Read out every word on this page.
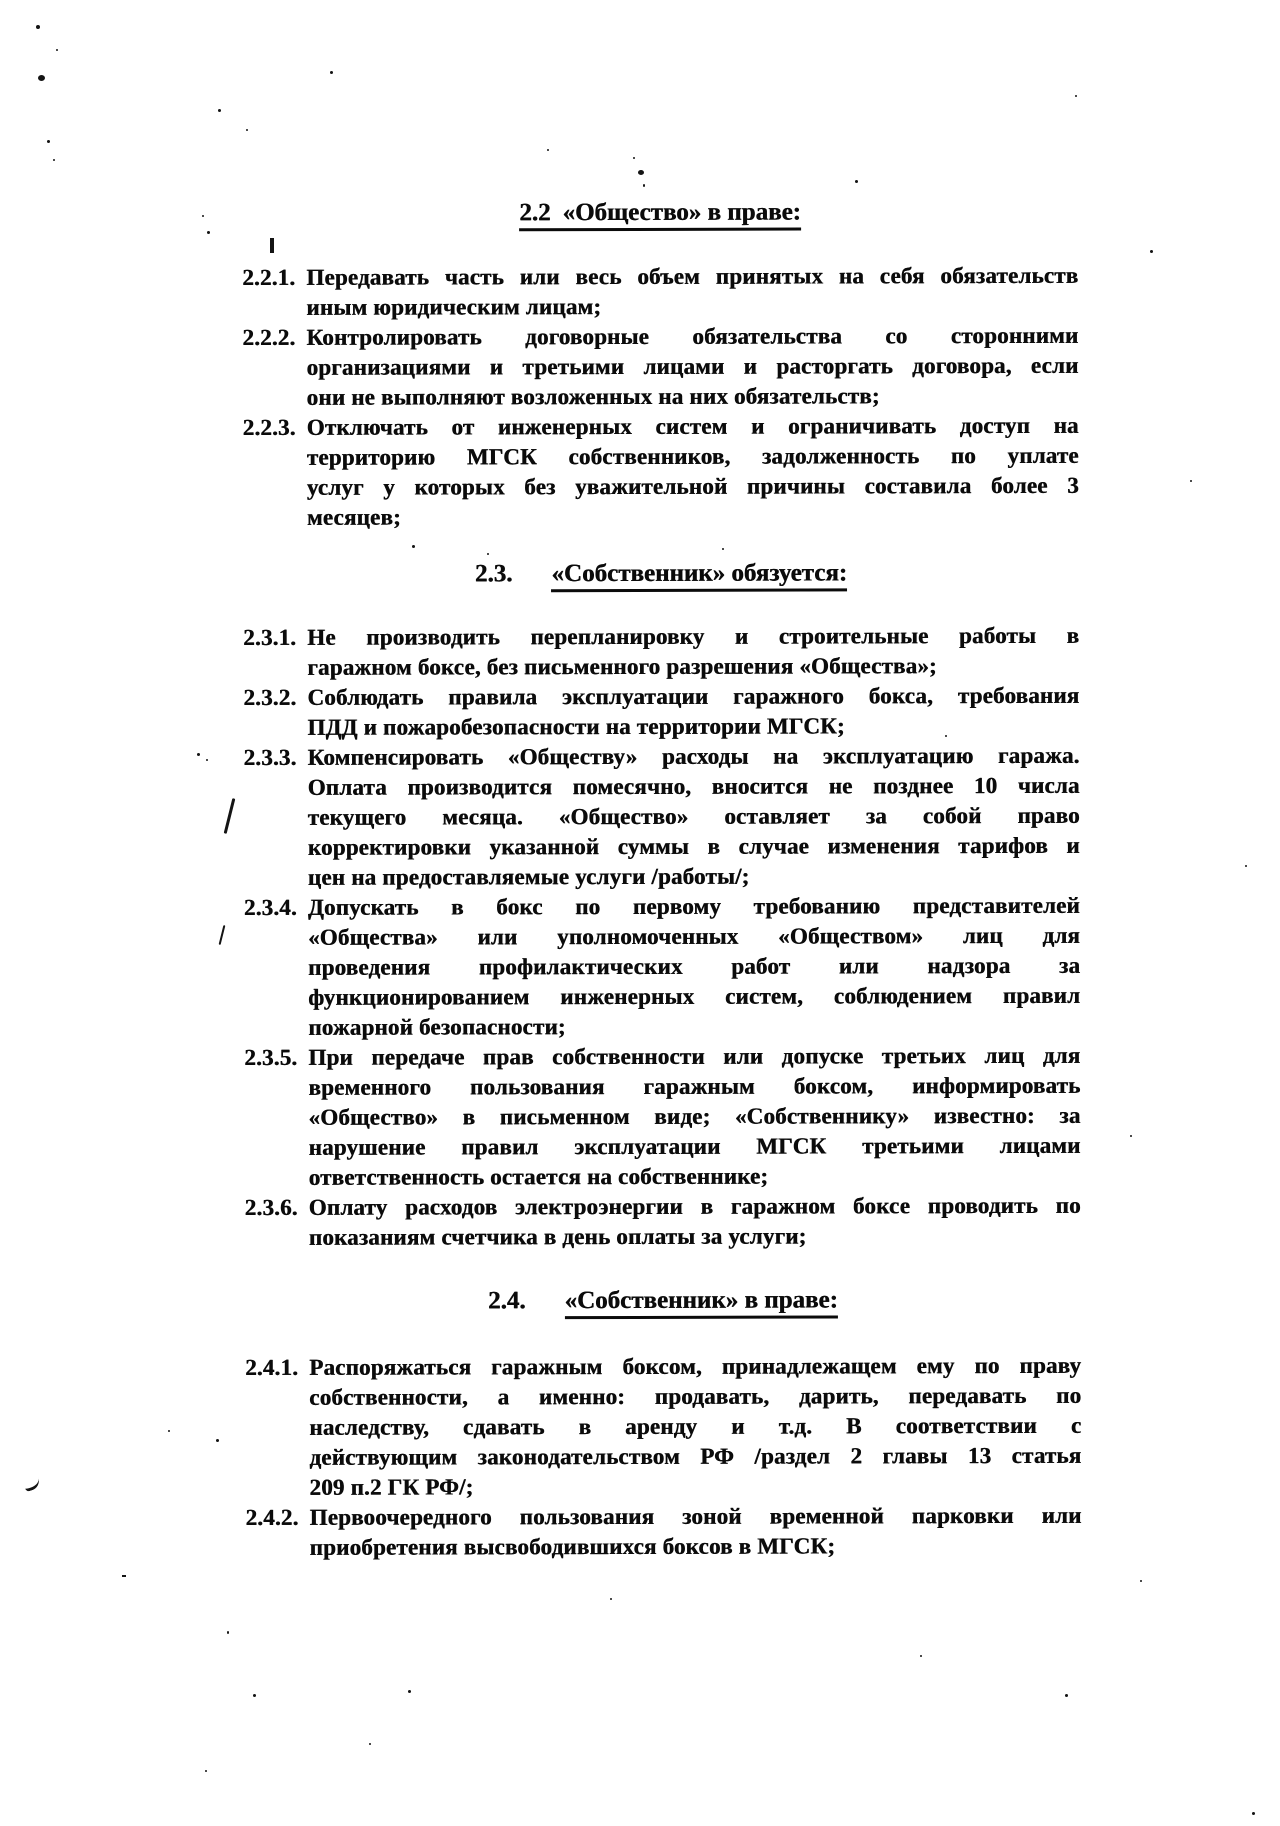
2.2 «Общество» в праве:
2.2.1. Передавать часть или весь объем принятых на себя обязательств
иным юридическим лицам;
2.2.2. Контролировать договорные обязательства со сторонними
организациями и третьими лицами и расторгать договора, если
они не выполняют возложенных на них обязательств;
2.2.3. Отключать от инженерных систем и ограничивать доступ на
территорию МГСК собственников, задолженность по уплате
услуг у которых без уважительной причины составила более 3
месяцев;
2.3. «Собственник» обязуется:
2.3.1. Не производить перепланировку и строительные работы в
гаражном боксе, без письменного разрешения «Общества»;
2.3.2. Соблюдать правила эксплуатации гаражного бокса, требования
ПДД и пожаробезопасности на территории МГСК;
2.3.3. Компенсировать «Обществу» расходы на эксплуатацию гаража.
Оплата производится помесячно, вносится не позднее 10 числа
текущего месяца. «Общество» оставляет за собой право
корректировки указанной суммы в случае изменения тарифов и
цен на предоставляемые услуги /работы/;
2.3.4. Допускать в бокс по первому требованию представителей
«Общества» или уполномоченных «Обществом» лиц для
проведения профилактических работ или надзора за
функционированием инженерных систем, соблюдением правил
пожарной безопасности;
2.3.5. При передаче прав собственности или допуске третьих лиц для
временного пользования гаражным боксом, информировать
«Общество» в письменном виде; «Собственнику» известно: за
нарушение правил эксплуатации МГСК третьими лицами
ответственность остается на собственнике;
2.3.6. Оплату расходов электроэнергии в гаражном боксе проводить по
показаниям счетчика в день оплаты за услуги;
2.4. «Собственник» в праве:
2.4.1. Распоряжаться гаражным боксом, принадлежащем ему по праву
собственности, а именно: продавать, дарить, передавать по
наследству, сдавать в аренду и т.д. В соответствии с
действующим законодательством РФ /раздел 2 главы 13 статья
209 п.2 ГК РФ/;
2.4.2. Первоочередного пользования зоной временной парковки или
приобретения высвободившихся боксов в МГСК;
